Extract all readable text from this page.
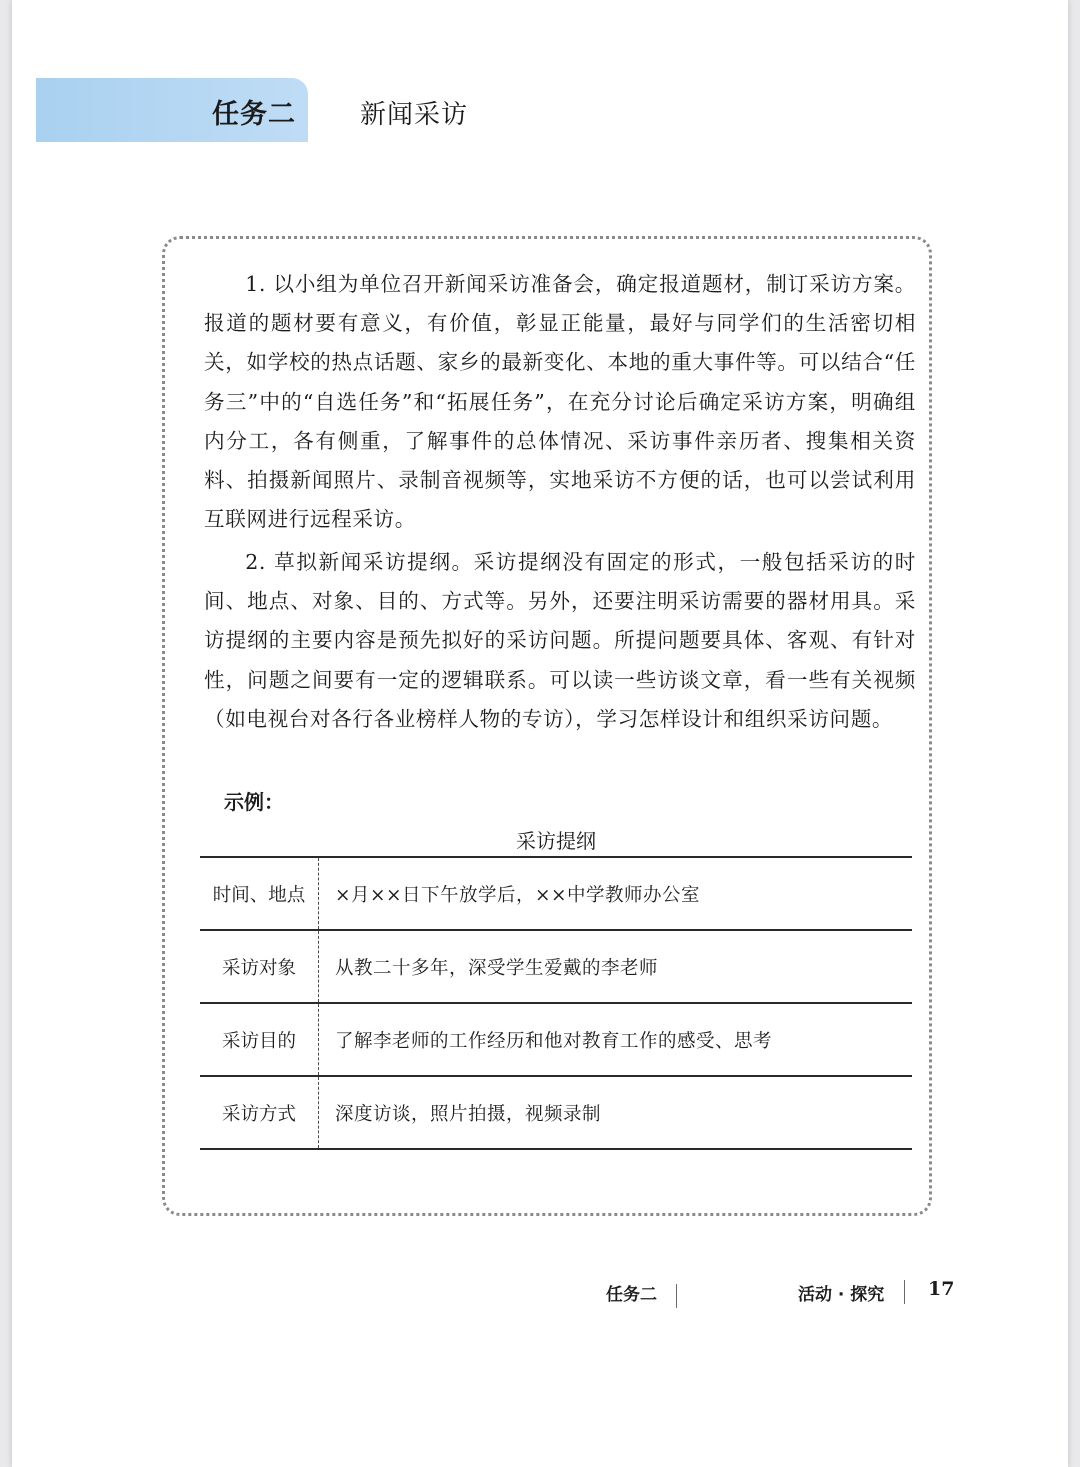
任务二 新闻采访

1. 以小组为单位召开新闻采访准备会，确定报道题材，制订采访方案。报道的题材要有意义，有价值，彰显正能量，最好与同学们的生活密切相关，如学校的热点话题、家乡的最新变化、本地的重大事件等。可以结合“任务三”中的“自选任务”和“拓展任务”，在充分讨论后确定采访方案，明确组内分工，各有侧重，了解事件的总体情况、采访事件亲历者、搜集相关资料、拍摄新闻照片、录制音视频等，实地采访不方便的话，也可以尝试利用互联网进行远程采访。

2. 草拟新闻采访提纲。采访提纲没有固定的形式，一般包括采访的时间、地点、对象、目的、方式等。另外，还要注明采访需要的器材用具。采访提纲的主要内容是预先拟好的采访问题。所提问题要具体、客观、有针对性，问题之间要有一定的逻辑联系。可以读一些访谈文章，看一些有关视频（如电视台对各行各业榜样人物的专访），学习怎样设计和组织采访问题。

示例：
采访提纲
时间、地点	×月××日下午放学后，××中学教师办公室
采访对象	从教二十多年，深受学生爱戴的李老师
采访目的	了解李老师的工作经历和他对教育工作的感受、思考
采访方式	深度访谈，照片拍摄，视频录制
任务二	活动 · 探究 17
